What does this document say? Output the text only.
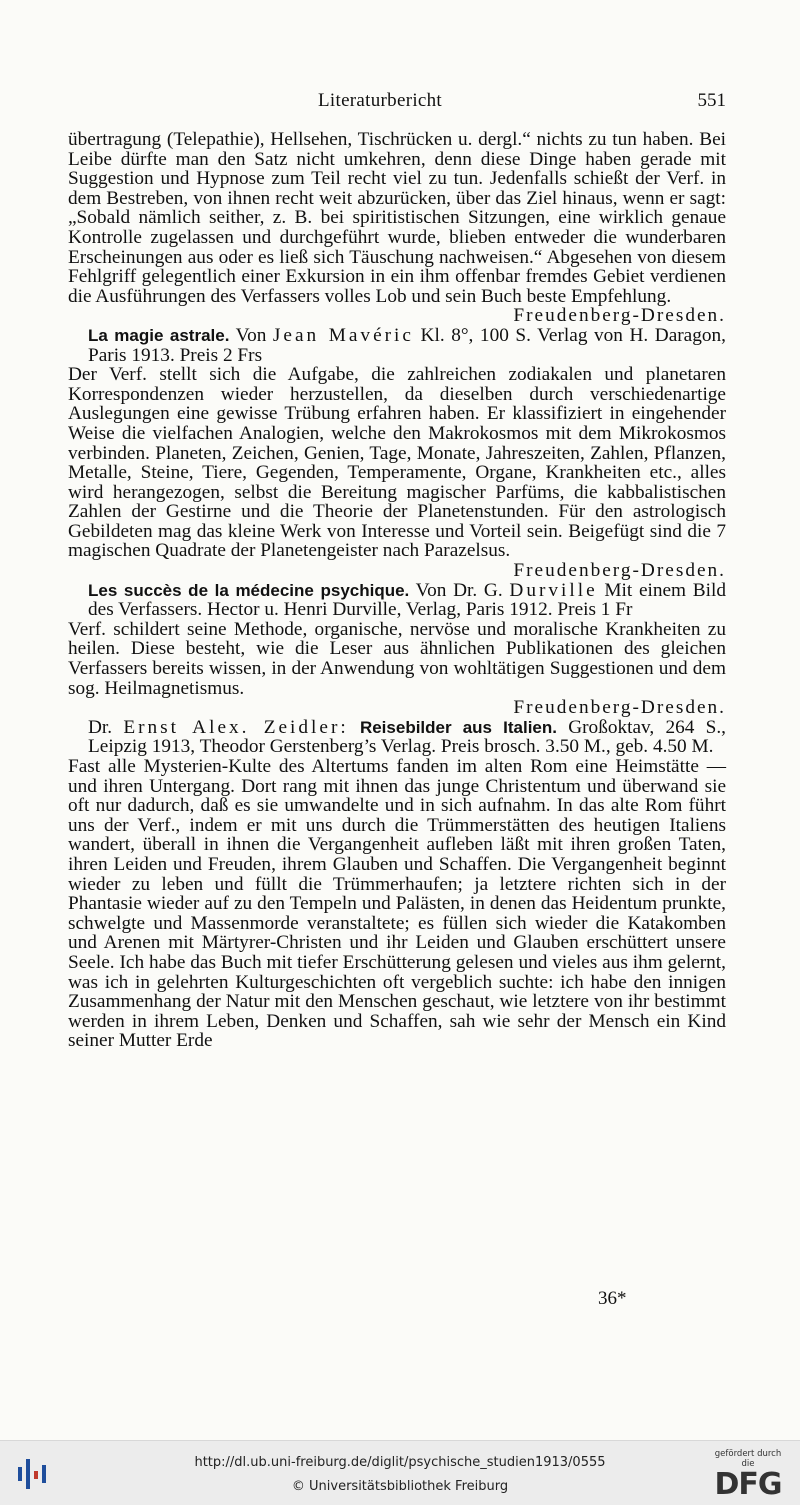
Literaturbericht	551

übertragung (Telepathie), Hellsehen, Tischrücken u. dergl.“ nichts zu tun haben. Bei Leibe dürfte man den Satz nicht umkehren, denn diese Dinge haben gerade mit Suggestion und Hypnose zum Teil recht viel zu tun. Jedenfalls schießt der Verf. in dem Bestreben, von ihnen recht weit abzurücken, über das Ziel hinaus, wenn er sagt: „Sobald nämlich seither, z. B. bei spiritistischen Sitzungen, eine wirklich genaue Kontrolle zugelassen und durchgeführt wurde, blieben entweder die wunderbaren Erscheinungen aus oder es ließ sich Täuschung nachweisen.“ Abgesehen von diesem Fehlgriff gelegentlich einer Exkursion in ein ihm offenbar fremdes Gebiet verdienen die Ausführungen des Verfassers volles Lob und sein Buch beste Empfehlung.
Freudenberg-Dresden.

La magie astrale. Von Jean Mavéric Kl. 8°, 100 S. Verlag von H. Daragon, Paris 1913. Preis 2 Frs

Der Verf. stellt sich die Aufgabe, die zahlreichen zodiakalen und planetaren Korrespondenzen wieder herzustellen, da dieselben durch verschiedenartige Auslegungen eine gewisse Trübung erfahren haben. Er klassifiziert in eingehender Weise die vielfachen Analogien, welche den Makrokosmos mit dem Mikrokosmos verbinden. Planeten, Zeichen, Genien, Tage, Monate, Jahreszeiten, Zahlen, Pflanzen, Metalle, Steine, Tiere, Gegenden, Temperamente, Organe, Krankheiten etc., alles wird herangezogen, selbst die Bereitung magischer Parfüms, die kabbalistischen Zahlen der Gestirne und die Theorie der Planetenstunden. Für den astrologisch Gebildeten mag das kleine Werk von Interesse und Vorteil sein. Beigefügt sind die 7 magischen Quadrate der Planetengeister nach Parazelsus.
Freudenberg-Dresden.

Les succès de la médecine psychique. Von Dr. G. Durville Mit einem Bild des Verfassers. Hector u. Henri Durville, Verlag, Paris 1912. Preis 1 Fr

Verf. schildert seine Methode, organische, nervöse und moralische Krankheiten zu heilen. Diese besteht, wie die Leser aus ähnlichen Publikationen des gleichen Verfassers bereits wissen, in der Anwendung von wohltätigen Suggestionen und dem sog. Heilmagnetismus.
Freudenberg-Dresden.

Dr. Ernst Alex. Zeidler: Reisebilder aus Italien. Großoktav, 264 S., Leipzig 1913, Theodor Gerstenberg’s Verlag. Preis brosch. 3.50 M., geb. 4.50 M.

Fast alle Mysterien-Kulte des Altertums fanden im alten Rom eine Heimstätte — und ihren Untergang. Dort rang mit ihnen das junge Christentum und überwand sie oft nur dadurch, daß es sie umwandelte und in sich aufnahm. In das alte Rom führt uns der Verf., indem er mit uns durch die Trümmerstätten des heutigen Italiens wandert, überall in ihnen die Vergangenheit aufleben läßt mit ihren großen Taten, ihren Leiden und Freuden, ihrem Glauben und Schaffen. Die Vergangenheit beginnt wieder zu leben und füllt die Trümmerhaufen; ja letztere richten sich in der Phantasie wieder auf zu den Tempeln und Palästen, in denen das Heidentum prunkte, schwelgte und Massenmorde veranstaltete; es füllen sich wieder die Katakomben und Arenen mit Märtyrer-Christen und ihr Leiden und Glauben erschüttert unsere Seele. Ich habe das Buch mit tiefer Erschütterung gelesen und vieles aus ihm gelernt, was ich in gelehrten Kulturgeschichten oft vergeblich suchte: ich habe den innigen Zusammenhang der Natur mit den Menschen geschaut, wie letztere von ihr bestimmt werden in ihrem Leben, Denken und Schaffen, sah wie sehr der Mensch ein Kind seiner Mutter Erde

36*
http://dl.ub.uni-freiburg.de/diglit/psychische_studien1913/0555
© Universitätsbibliothek Freiburg
gefördert durch die
DFG
